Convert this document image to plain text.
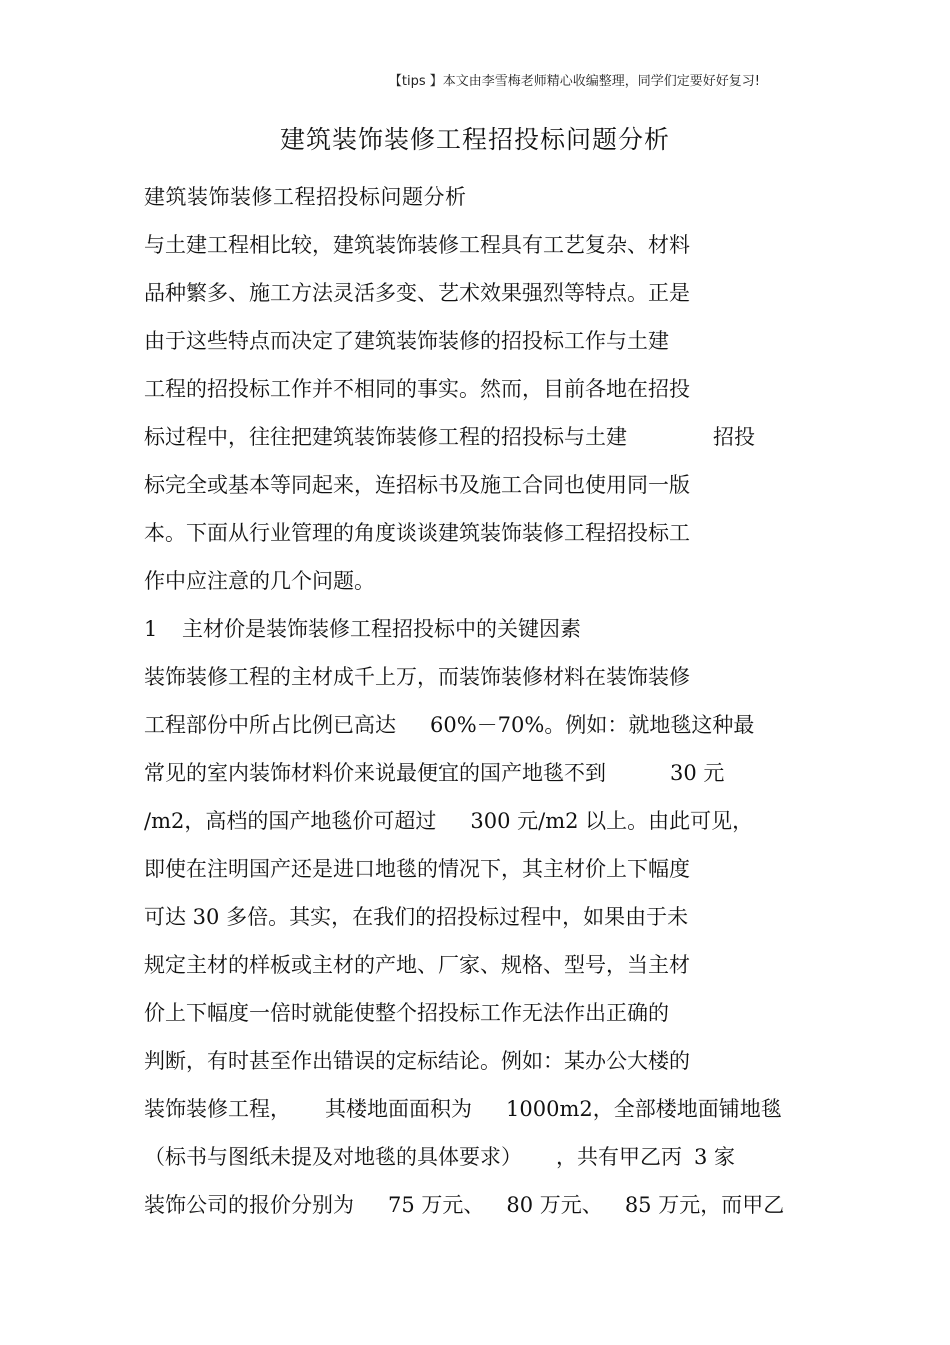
【tips 】本文由李雪梅老师精心收编整理，同学们定要好好复习!
建筑装饰装修工程招投标问题分析
建筑装饰装修工程招投标问题分析
与土建工程相比较，建筑装饰装修工程具有工艺复杂、材料
品种繁多、施工方法灵活多变、艺术效果强烈等特点。正是
由于这些特点而决定了建筑装饰装修的招投标工作与土建
工程的招投标工作并不相同的事实。然而，目前各地在招投
标过程中，往往把建筑装饰装修工程的招投标与土建	招投
标完全或基本等同起来，连招标书及施工合同也使用同一版
本。下面从行业管理的角度谈谈建筑装饰装修工程招投标工
作中应注意的几个问题。
1 主材价是装饰装修工程招投标中的关键因素
装饰装修工程的主材成千上万，而装饰装修材料在装饰装修
工程部份中所占比例已高达 60%－70%。例如：就地毯这种最
常见的室内装饰材料价来说最便宜的国产地毯不到	30 元
/m2，高档的国产地毯价可超过 300 元/m2 以上。由此可见，
即使在注明国产还是进口地毯的情况下，其主材价上下幅度
可达 30 多倍。其实，在我们的招投标过程中，如果由于未
规定主材的样板或主材的产地、厂家、规格、型号，当主材
价上下幅度一倍时就能使整个招投标工作无法作出正确的
判断，有时甚至作出错误的定标结论。例如：某办公大楼的
装饰装修工程， 其楼地面面积为 1000m2，全部楼地面铺地毯
（标书与图纸未提及对地毯的具体要求） ，共有甲乙丙 3 家
装饰公司的报价分别为 75 万元、 80 万元、 85 万元，而甲乙
